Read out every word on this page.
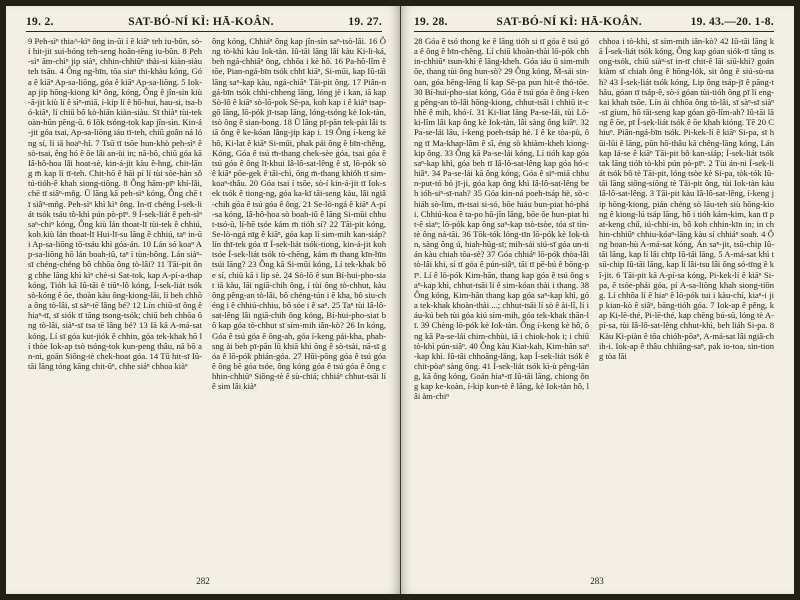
19. 2.	SAT-BÓ-NÍ KÌ: HĀ-KOÂN.	19. 27.
9 Peh-sìⁿ thia^-kìⁿ ông in-ūi í ê kiāⁿ teh iu-bûn, sò-í hit-jit sui-bóng teh-seng hoân-tēng iu-bûn. 8 Peh-sìⁿ ām-chìⁿ jip siàⁿ, chhin-chhiūⁿ thài-si kiàn-siàu teh tsāu. 4 Ông ng-bīn, tōa siaⁿ thi-khàu kóng, Góa ê kiāⁿ Ap-sa-liōng, góa ê kiāⁿ Ap-sa-liōng. 5 Iok-ap jip hōng-kiong kìⁿ ông, kóng, Ông ê jîn-sìn kiù-ā-jit kiù lí ê sìⁿ-miā, í-kip lí ê hō-hui, hau-si, tsa-bó-kiāⁿ, lí chiū bô kò-hiān kiàn-siàu. Sī thiàⁿ tùi-tek oàn-hūn pēng-ū. 6 Iōk tsóng-tok kap jîn-sìn. Kin-á-jit góa tsai, Ap-sa-liōng iáu tī-teh, chiū goân ná lóng sí, lí iā hoaⁿ-hí. 7 Tsū tī tsōe hun-khò peh-sìⁿ ê sò-tsai, êng hó ê ōe lâi an-ùi in; nā-bō, chiū góa kā Iâ-hô-hoa lâi hoat-sè, kin-á-jit kàu ê-hng, chit-lāng m̄ kap lí tī-teh. Chit-hō ê hāi pí lí tùi sòe-hàn sǒ tú-tióh-ê khah siong-tiōng. 8 Ông hām-pīⁿ khí-lâi, chē tī siâⁿ-mn̂g. Ū lāng kā peh-sìⁿ kóng, Ông chē tī siâⁿ-mn̂g. Peh-sìⁿ khì kìⁿ ông. In-tī chéng Í-sek-liát tsók tsáu tò-khì pún pò-pīⁿ. 9 Í-sek-liát ê peh-sìⁿ saⁿ-chiⁿ kóng, Ông kiù lán thoat-lī tùi-tek ê chhiú, koh kiù lán thoat-lī Hui-lī-su lāng ê chhiú, taⁿ in-ūi Ap-sa-liōng tō-tsáu khì góa-án. 10 Lán só koaⁿ Ap-sa-liōng hō lán boah-iû, taⁿ í tùn-bông. Lán siàⁿ-sī chéng-chéng bô chhōa ông tò-lâi? 11 Tāi-pit ông chhe lāng khì kìⁿ chè-si Sat-tok, kap A-pí-a-thap kóng, Tióh kā Iû-tāi ê tiūⁿ-lô kóng, Í-sek-liát tsók sò-kóng ê ōe, thoàn kàu ông-kiong-lāi, lí beh chhōa ông tò-lâi, sī sàⁿ-tē lâng bé? 12 Lín chiū-sī ông ê hiaⁿ-tī, sī siók tī tāng tsong-tsók; chiū beh chhōa ông tò-lâi, siàⁿ-sī tsa tē lâng bé? 13 Iā kā A-má-sat kóng, Lí sī góa kut-jiók ê chhin, góa tek-khak hō lí thòe Iok-ap tsò tsóng-tok kun-peng thâu, nā bō an-ni, goān Siōng-tè chek-hoat góa. 14 Tū hit-sī Iû-tāi lāng tóng kāng chit-ūⁿ, chhe siáⁿ chhoa kiàⁿ
ông kóng, Chhiáⁿ ông kap jîn-sìn saⁿ-tsò-lâi. 16 Ông tò-khì kàu Iok-tàn. Iû-tāi lāng lâi kàu Ki-li-ká, beh ngá-chhiāⁿ ông, chhōa i kè hô. 16 Pa-hō-lîm ê tōe, Pian-ngá-bīn tsók chhī kiāⁿ, Si-mūi, kap Iû-tāi lāng saⁿ-kap kàu, ngá-chiāⁿ Tāi-pit ông. 17 Piân-ngá-bīn tsók chhi-chheng lāng, lóng jè i kan, iā kap Sò-lô ê kiāⁿ sò-lō-pok Sē-pa, koh kap i ê kiáⁿ tsap-gō lāng, lō-pók jī-tsap lāng, lóng-tsóng kè Iok-tàn, tsò ông ê sian-bong. 18 Ū lāng pī-pān tek-pài lâi tsiā ông ê ke-kóan lâng-jip kap i. 19 Ông í-keng kè hô, Ki-lat ê kiāⁿ Si-mūi, phak pái ông ê bīn-chêng, Kóng, Góa ê tsú m̄-thang chek-sèe góa, tsai góa ê tsú góa ê ông lī-khui Iâ-lô-sat-lêng ê sī, lō-pók sò ê kiāⁿ pōe-gek ê tāi-chì, ōng m̄-thang khióh tī sim-koaⁿ-thâu. 20 Góa tsai í tsōe, sò-í kin-á-jit tī Iok-sek tsók ê tiong-ng, góa ka-kī tāi-seng kàu, lâi ngiâ-chih góa ê tsú góa ê ông. 21 Se-lò-ngá ê kiāⁿ A-pí-sa kóng, Iâ-hô-hoa sò boah-iû ê lāng Si-mūi chhut-tsó-ū, lí-hē tsóe kám m̄ tióh sí? 22 Tāi-pit kóng, Se-lò-ngá nīg ê kiāⁿ, góa kap lí sim-mih kan-siáp? lín thī-tek góa tī Í-sek-liát tsók-tiong, kin-á-jit koh tsóe Í-sek-liát tsók tò-chēng, kám m̄ thang kīn-hīn tsúi lāng? 23 Ông kā Si-mūi kóng, Lí tek-khak bōe sí, chiū kā i lip sè. 24 Sò-lō ê sun Bí-hui-pho-siat iā kàu, lāi ngiā-chih ông, í tùi ông tò-chhut, kàu ông pêng-an tò-lâi, bô chéng-tún i ê kha, bô siu-chéng i ê chhiú-chhiu, bô sóe i ê saⁿ. 25 Taⁿ tùi Iâ-lô-sat-lêng lâi ngiā-chih ông kóng, Bí-hui-pho-siat bô kap góa tò-chhut sī sím-mih iân-kò? 26 In kóng, Góa ê tsú góa ê ông-ah, góa í-keng pái-kha, phah-sng ài beh pī-pān lū khiā khì ōng ê sò-tsài, nā-sī góa ê lō-pók phián-góa. 27 Hūi-pōng góa ê tsú góa ê ông bē góa tsóe, ông kóng góa ê tsú góa ê ông chhin-chhiūⁿ Siōng-tè ê sù-chiá; chhiáⁿ chhut-tsāi lí ê sim lâi kiàⁿ
282
19. 28.	SAT-BÓ-NÍ KÌ: HĀ-KOÂN.	19. 43.—20. 1-8.
28 Góa ê tsó thong ke ê lāng tióh si tī góa ê tsú góa ê ông ê bīn-chêng. Lí chiū khoàn-thài lō-pók chhin-chhiūⁿ tsun-khì ê lāng-kheh. Góa iáu ū sim-mih ōe, thang tùi ông hun-sò? 29 Ông kóng, M̄-sái sin-oan, góa bēng-lēng lí kap Sē-pa pun hit-ê thó-tōe. 30 Bí-hui-pho-siat kóng, Góa ê tsú góa ê ông í-keng pêng-an tò-lâi hōng-kiong, chhut-tsāi i chhiū it-chhē ê mih, khó-í. 31 Ki-liat lāng Pa-se-lái, tùi Lō-ki-lîm lâi kap ông kè Iok-tàn, lâi sàng ông kiâⁿ. 32 Pa-se-lái lāu, í-keng poeh-tsáp hè. I ê ke tòa-pù, ông tī Ma-khap-lâm ê sî, éng sò khiàm-kheh kiong-kip ông. 33 Ông kā Pa-se-lái kóng, Lí tióh kap góa saⁿ-kap khì, góa beh tī Iâ-lô-sat-lêng kap góa hó-chiâⁿ. 34 Pa-se-lái kā ông kóng, Góa ê siⁿ-miā chhun-put-tó bó jī-ji, góa kap ông khì Iâ-lô-sat-lêng beh ióh-siⁿ-sī-nah? 35 Góa kin-ná poeh-tsáp hè, sò-chiáh sò-lim, m̄-tsai si-só, bōe hiáu bun-piat hó-phái. Chhiú-koa ê ta-po hū-jîn lāng, bōe ōe hun-piat hit-ê siaⁿ; lō-pók kap ông saⁿ-kap tsò-tsòe, tóa sī tìn-tè ông ná-tāi. 36 Tōk-tók lóng-tīn lō-pók kè Iok-tàn, sàng ông ú, hiah-hūg-sī; mih-sái siú-sī góa un-tián kàu chiah tōa-sè? 37 Góa chhiáⁿ lō-pók thòa-lâi tò-lâi khi, sí tī góa ê pún-siâⁿ, tāi tī pē-bú ê bōng-pīⁿ. Lí ê lō-pók Kim-hān, thang kap góa ê tsú ông saⁿ-kap khì, chhut-tsāi lí ê sim-kóan thài i thang. 38 Ông kóng, Kim-hān thang kap góa saⁿ-kap khì, góa tek-khak khoàn-thài ...; chhut-tsāi lí sò ê ài-lî, lí iáu-kú beh tùi góa kiú sím-mih, góa tek-khak thān-lī. 39 Chèng lō-pók kè Iok-tàn. Ông í-keng kè hô, ông kā Pa-se-lái chim-chhùi, iā i chiok-hok i; i chiū tò-khì pún-siâⁿ. 40 Ông kàu Kiat-kah, Kim-hān saⁿ-kap khì. Iû-tāi chhoāng-lāng, kap Í-sek-liát tsók ê chit-pòaⁿ sàng ông. 41 Í-sek-liát tsók kì-ù pêng-lāng, kā ông kóng, Goán hiaⁿ-tī Iû-tāi lāng, chiong ông kap ke-koàn, í-kip kun-tè ê lāng, kè Iok-tàn hô, lâi àm-chiⁿ
chhoa i tò-khì, sī sím-mih iân-kò? 42 Iû-tāi lāng kā Í-sek-liát tsók kóng, Ông kap góan siók-tī tāng tsong-tsók, chiū siàⁿ-sī in-tī chit-ê lāi siū-khì? goán kiàm sī chiah ông ê hōng-lók, sit ông ê siú-sù-nah? 43 Í-sek-liát tsók kóng, Lip ông tsáp-jī ê pāng-thâu, góan tī tsáp-ê, sò-í góan tùi-tióh ông pī lí eng-kai khah tsōe. Lín ái chhōa ông tò-lâi, sī sàⁿ-sī siàⁿ-sī gíum, hō tāi-seng kap góan gō-lîm-ah? Iû-tāi lāng ê ōe, pī Í-sek-liát tsók ê ōe khah kióng. Tē 20 Chiuⁿ. Piân-ngá-bīn tsók. Pi-kek-lí ê kiāⁿ Si-pa, sī hūi-lūi ê lāng, pūn hō-thâu kā chêng-lāng kóng, Lán kap Iá-se ê kiāⁿ Tāi-pit bô kan-siáp; Í-sek-liát tsók tak lāng tióh tò-khì pún pò-pīⁿ. 2 Tùi án-ni Í-sek-liát tsók bô tè Tāi-pit, lóng tsòe kè Si-pa, tòk-tók Iû-tāi lāng siōng-siōng tè Tāi-pit ông, tùi Iok-tàn kàu Iâ-lô-sat-lêng. 3 Tāi-pit kàu Iâ-lô-sat-lêng, í-keng jip hōng-kiong, pián chéng sò lāu-teh siù hōng-kiong ê kiong-lú tsáp lāng, hō i tióh kám-kim, kan tī pat-keng chǔ, iú-chhi-in, bô koh chhin-kīn in; in chhin-chhiūⁿ chhiu-kóaⁿ-lāng kàu sí chhiáⁿ soah. 4 Ông hoan-hù A-má-sat kóng, Án saⁿ-jit, tsū-chip Iû-tāi lāng, kap lí lâi chīp Iû-tāi lāng. 5 A-má-sat khì tsū-chip Iû-tāi lāng, kap lí lâi-tsu lâi ông só-tīng ê kî-jit. 6 Tāi-pit kā A-pí-sa kóng, Pi-kek-lí ê kiāⁿ Si-pa, ē tsòe-phái góa, pí A-sa-liōng khah siong-tiōng. Lí chhōa lí ê hiaⁿ ê lō-pók tui i kàu-chí, kiaⁿ-i jip kian-kò ê siâⁿ, bāng-tióh góa. 7 Iok-ap ê pêng, kap Ki-lē-thé, Pi-lē-thé, kap chēng bú-sū, lóng tè A-pí-sa, tùi Iâ-lô-sat-lêng chhut-khì, beh liáh Si-pa. 8 Kàu Ki-piàn ê tōa chióh-pōaⁿ, A-má-sat lâi ngiâ-chih-i. Iok-ap ê thâu chhiâng-saⁿ, pak io-toa, sin-tiong tòa lāi
283
